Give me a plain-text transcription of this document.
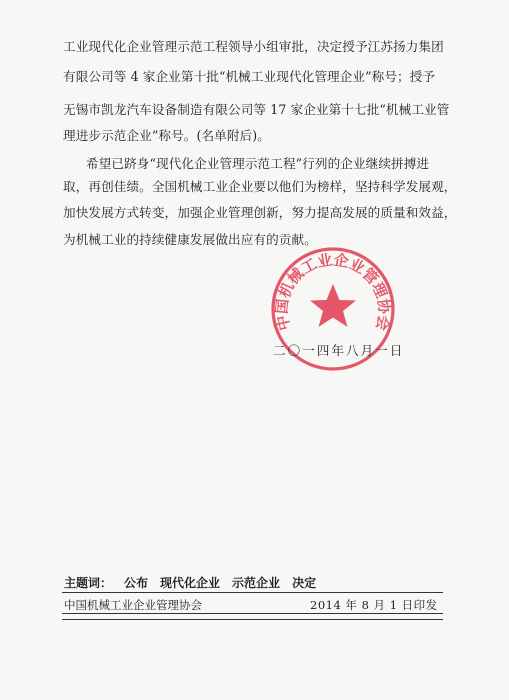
工业现代化企业管理示范工程领导小组审批，决定授予江苏扬力集团
有限公司等 4 家企业第十批“机械工业现代化管理企业”称号；授予
无锡市凯龙汽车设备制造有限公司等 17 家企业第十七批“机械工业管
理进步示范企业”称号。(名单附后)。
希望已跻身“现代化企业管理示范工程”行列的企业继续拼搏进
取，再创佳绩。全国机械工业企业要以他们为榜样，坚持科学发展观，
加快发展方式转变，加强企业管理创新，努力提高发展的质量和效益，
为机械工业的持续健康发展做出应有的贡献。
中国机械工业企业管理协会
二〇一四年八月一日
主题词： 公布 现代化企业 示范企业 决定
中国机械工业企业管理协会	2014 年 8 月 1 日印发
